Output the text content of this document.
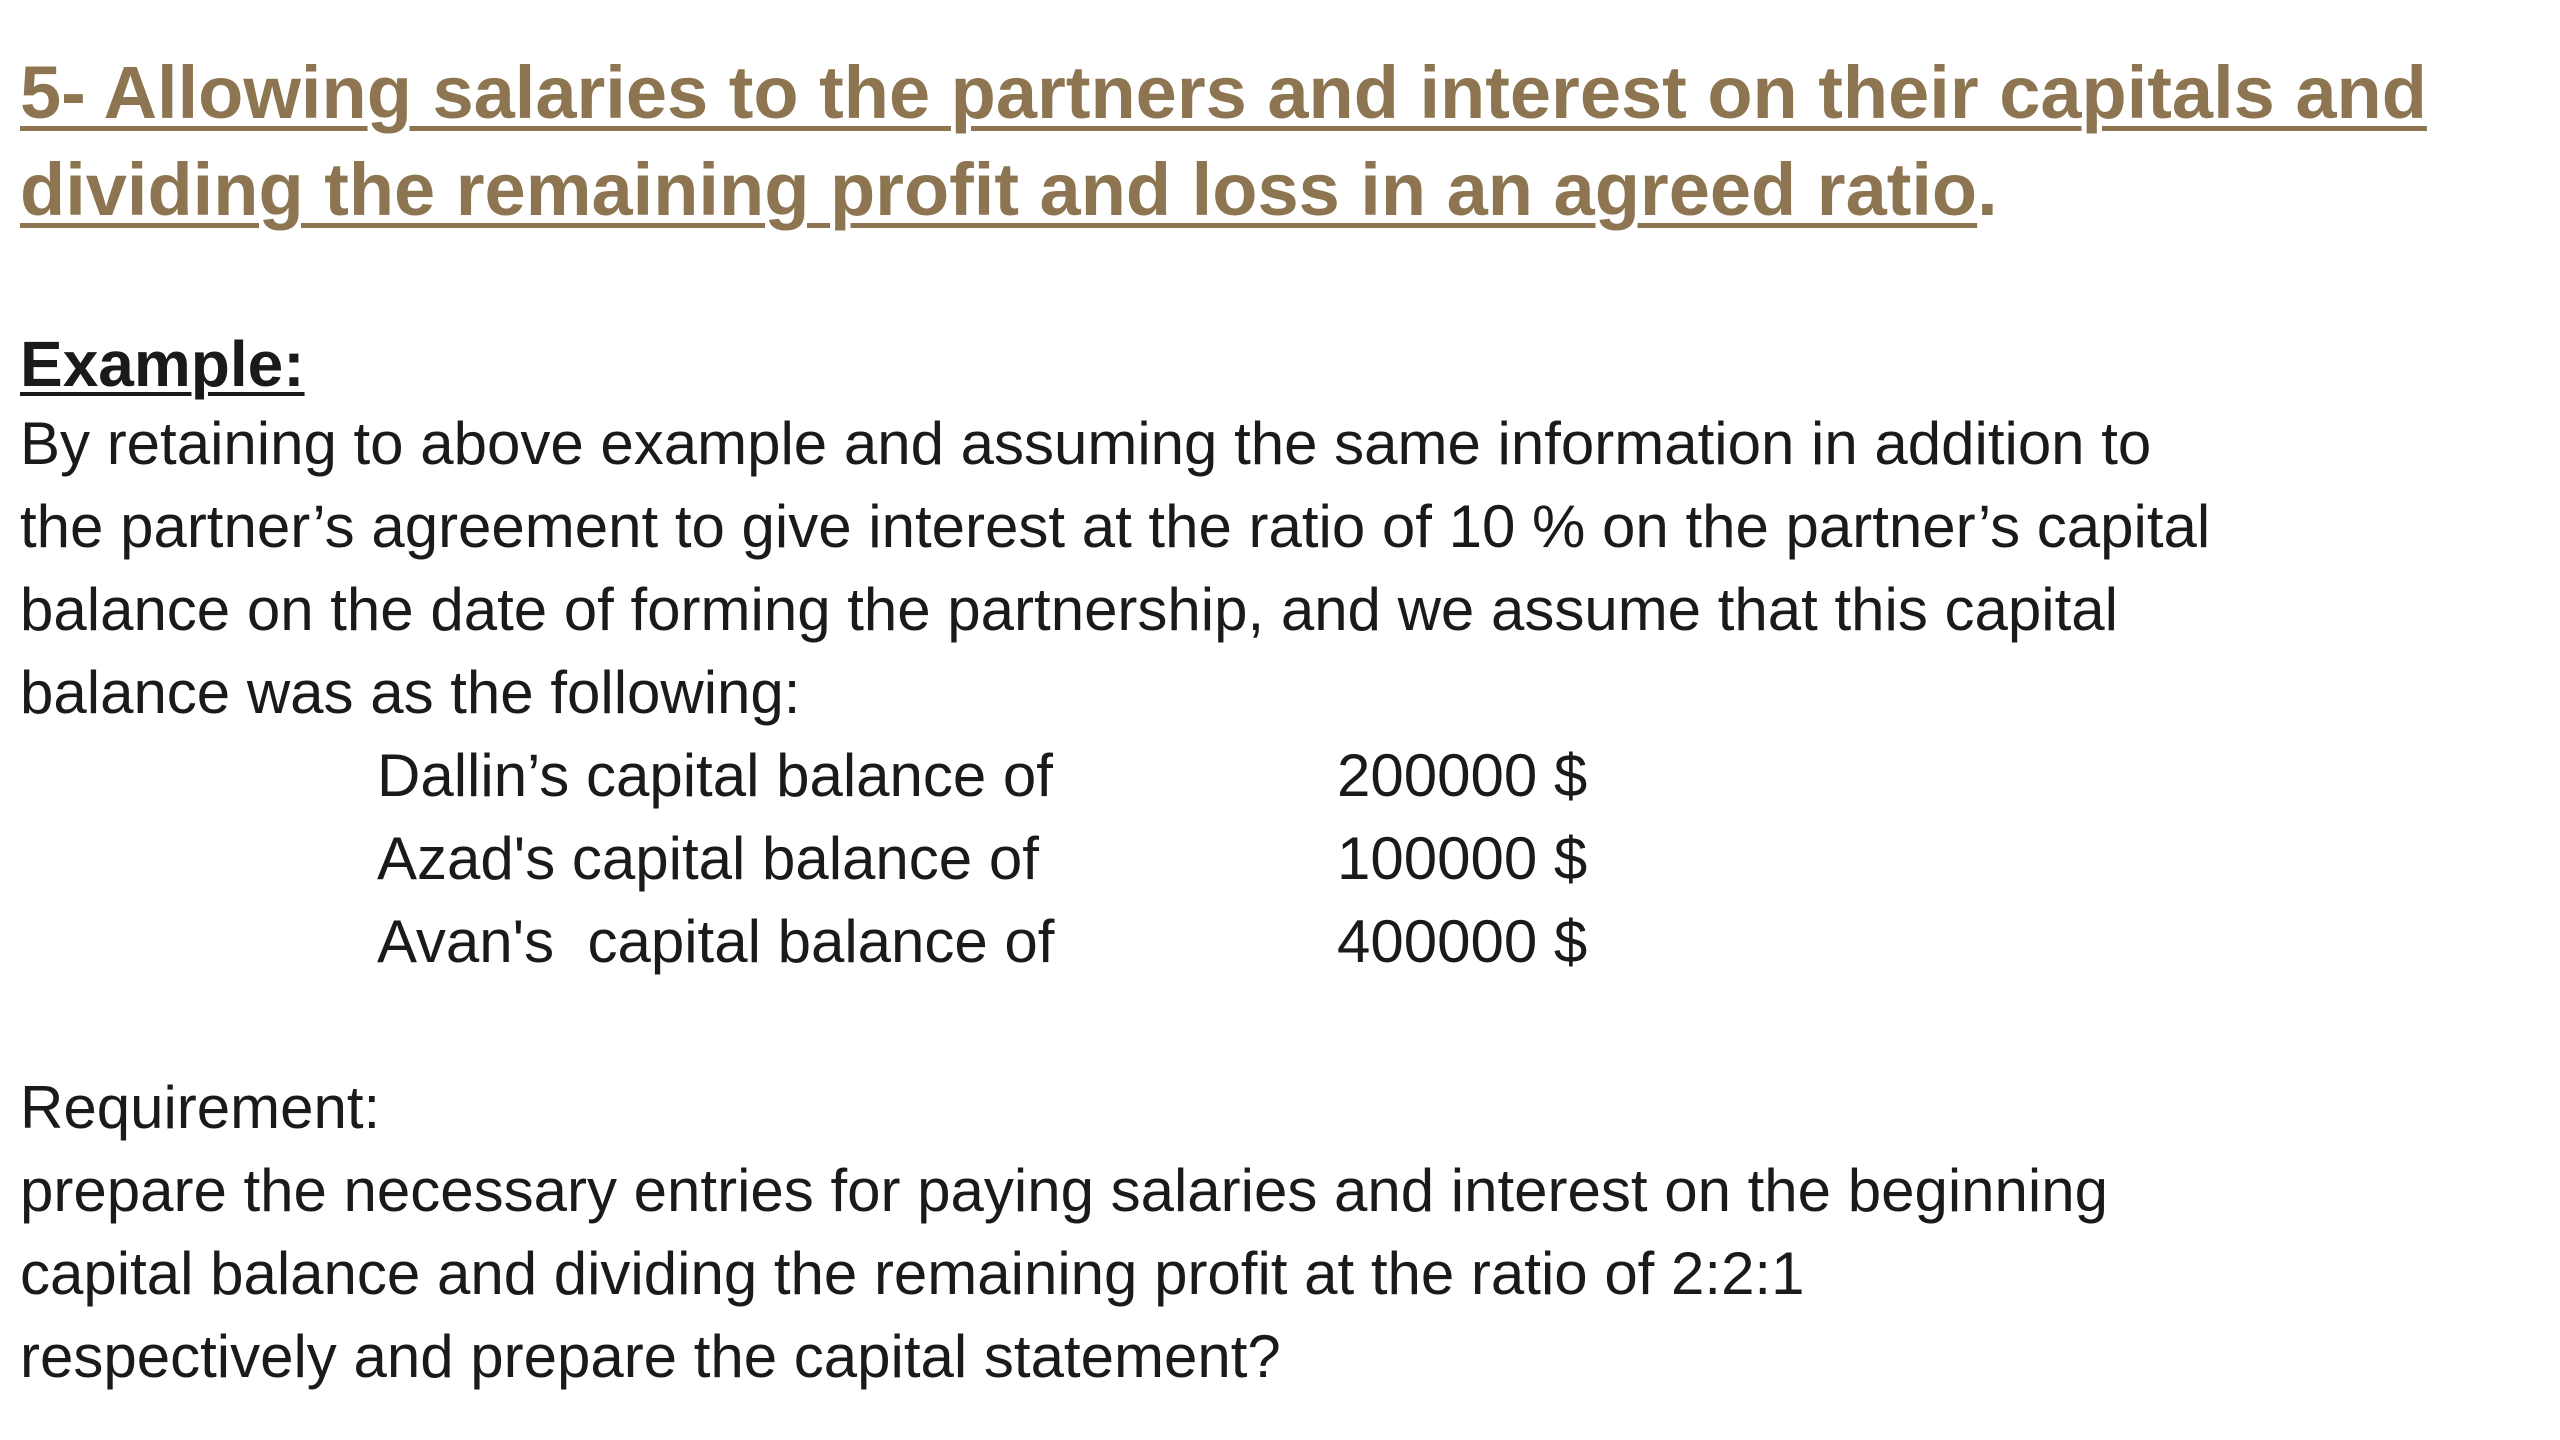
5- Allowing salaries to the partners and interest on their capitals and
dividing the remaining profit and loss in an agreed ratio.
Example:

By retaining to above example and assuming the same information in addition to

the partner’s agreement to give interest at the ratio of 10 % on the partner’s capital

balance on the date of forming the partnership, and we assume that this capital

balance was as the following:

Dallin’s capital balance of	200000 $
Azad's capital balance of	100000 $
Avan's  capital balance of	400000 $
Requirement:

prepare the necessary entries for paying salaries and interest on the beginning

capital balance and dividing the remaining profit at the ratio of 2:2:1

respectively and prepare the capital statement?
